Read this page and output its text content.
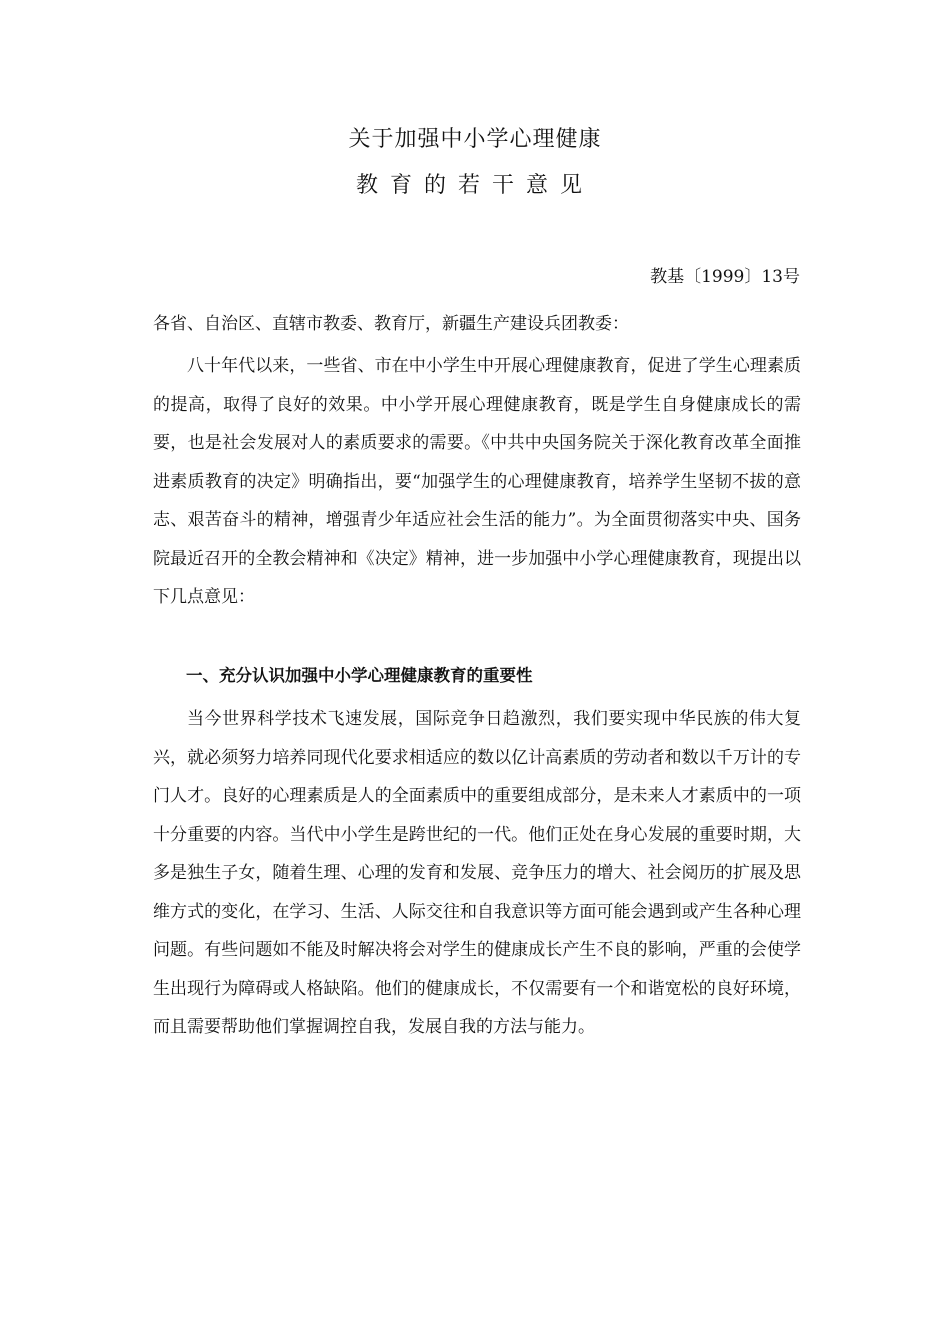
关于加强中小学心理健康
教育的若干意见
教基〔1999〕13号
各省、自治区、直辖市教委、教育厅，新疆生产建设兵团教委：

八十年代以来，一些省、市在中小学生中开展心理健康教育，促进了学生心理素质的提高，取得了良好的效果。中小学开展心理健康教育，既是学生自身健康成长的需要，也是社会发展对人的素质要求的需要。《中共中央国务院关于深化教育改革全面推进素质教育的决定》明确指出，要“加强学生的心理健康教育，培养学生坚韧不拔的意志、艰苦奋斗的精神，增强青少年适应社会生活的能力”。为全面贯彻落实中央、国务院最近召开的全教会精神和《决定》精神，进一步加强中小学心理健康教育，现提出以下几点意见：

一、充分认识加强中小学心理健康教育的重要性

当今世界科学技术飞速发展，国际竞争日趋激烈，我们要实现中华民族的伟大复兴，就必须努力培养同现代化要求相适应的数以亿计高素质的劳动者和数以千万计的专门人才。良好的心理素质是人的全面素质中的重要组成部分，是未来人才素质中的一项十分重要的内容。当代中小学生是跨世纪的一代。他们正处在身心发展的重要时期，大多是独生子女，随着生理、心理的发育和发展、竞争压力的增大、社会阅历的扩展及思维方式的变化，在学习、生活、人际交往和自我意识等方面可能会遇到或产生各种心理问题。有些问题如不能及时解决将会对学生的健康成长产生不良的影响，严重的会使学生出现行为障碍或人格缺陷。他们的健康成长，不仅需要有一个和谐宽松的良好环境，而且需要帮助他们掌握调控自我，发展自我的方法与能力。
